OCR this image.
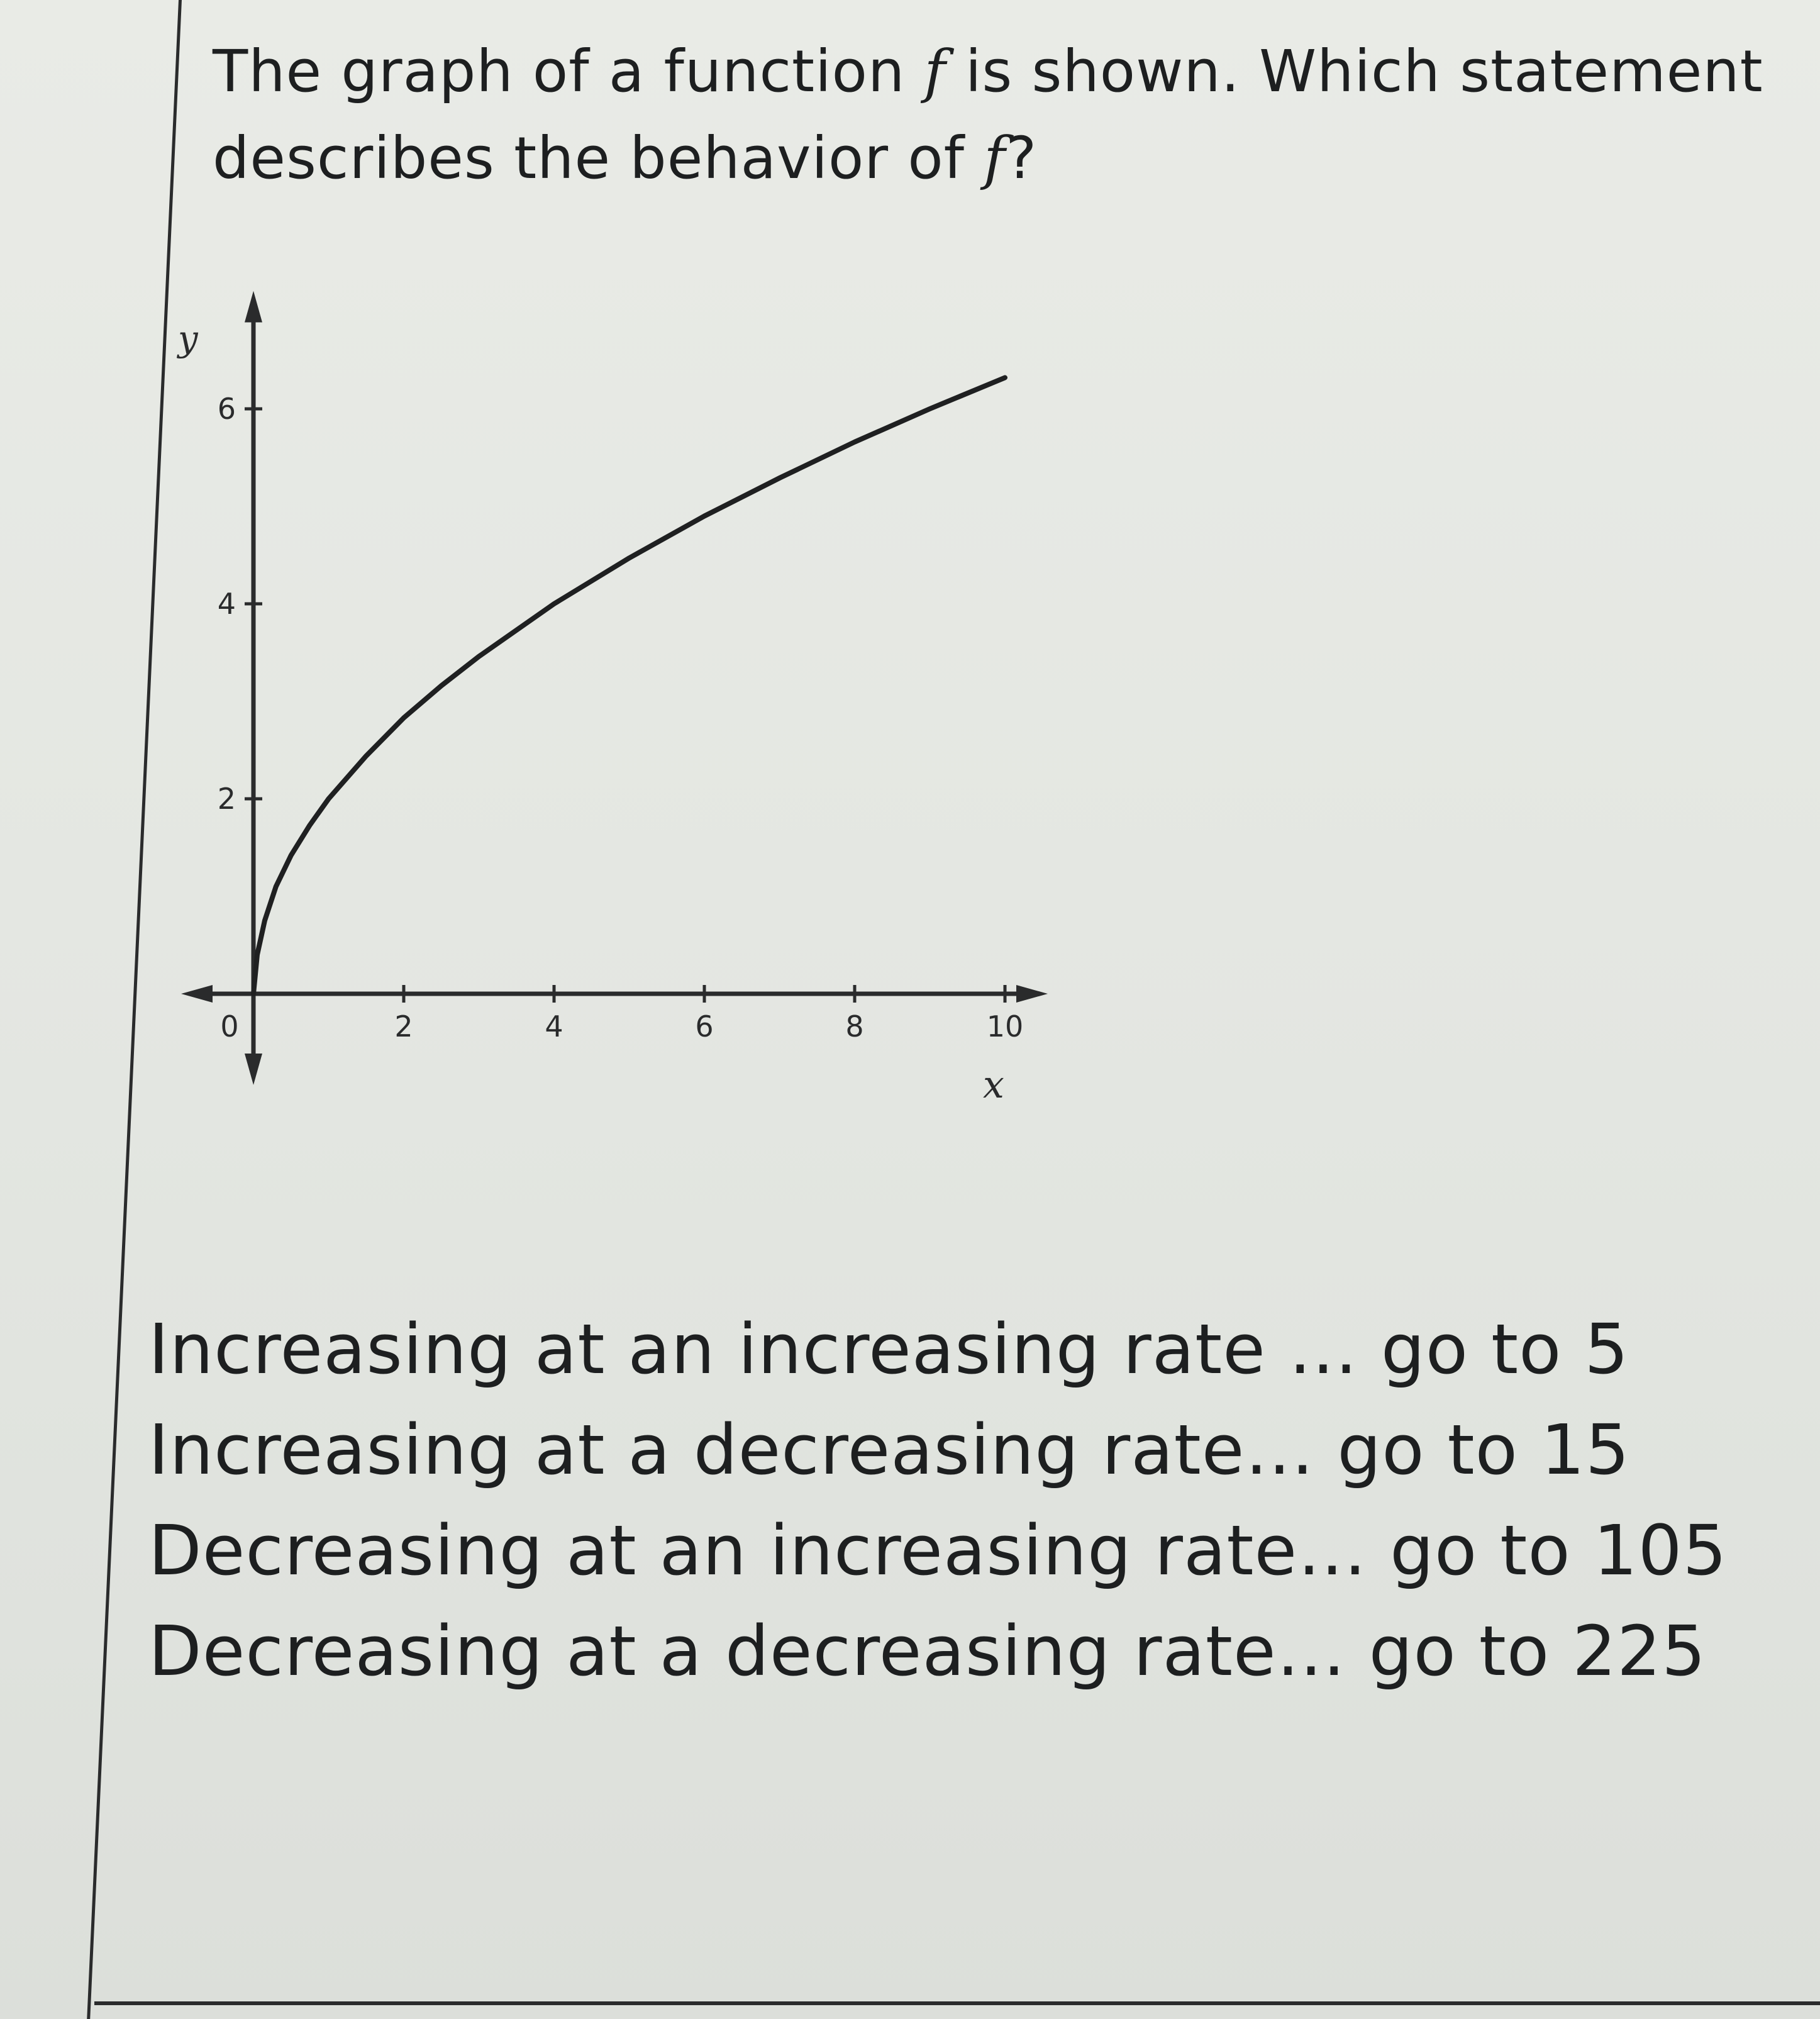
The graph of a function f is shown. Which statement
describes the behavior of f?
0	2	4	6	8	10
2
4
6
y
x
Increasing at an increasing rate … go to 5
Increasing at a decreasing rate… go to 15
Decreasing at an increasing rate… go to 105
Decreasing at a decreasing rate… go to 225
